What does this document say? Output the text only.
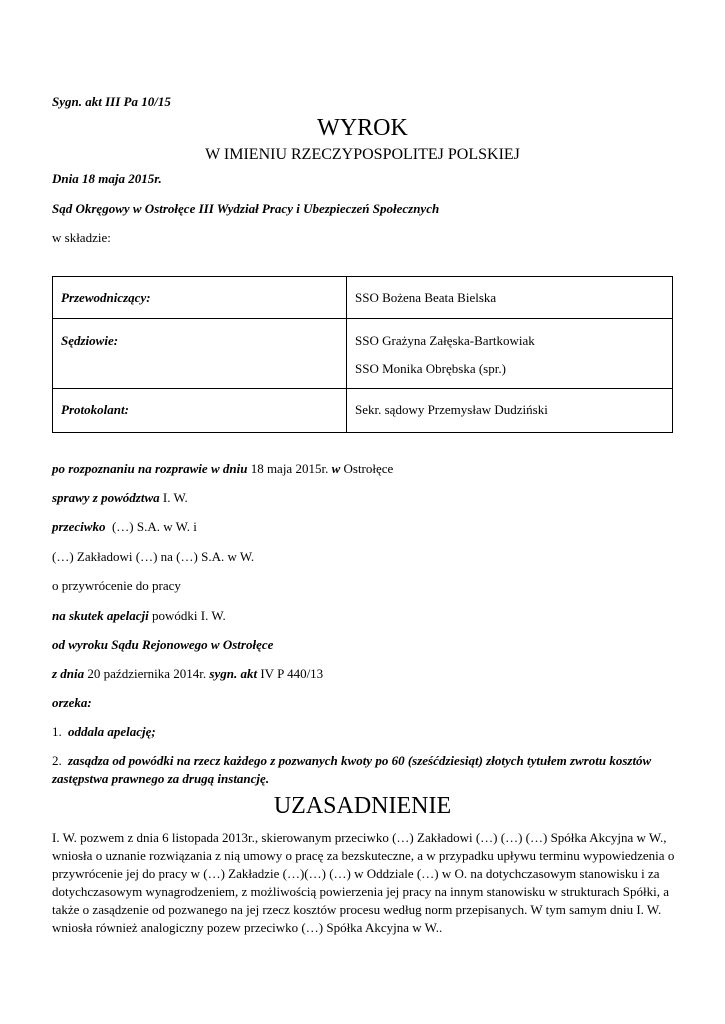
Sygn. akt III Pa 10/15
WYROK
W IMIENIU RZECZYPOSPOLITEJ POLSKIEJ
Dnia 18 maja 2015r.
Sąd Okręgowy w Ostrołęce III Wydział Pracy i Ubezpieczeń Społecznych
w składzie:
Przewodniczący:	SSO Bożena Beata Bielska

Sędziowie:	SSO Grażyna Załęska-Bartkowiak
SSO Monika Obrębska (spr.)

Protokolant:	Sekr. sądowy Przemysław Dudziński
po rozpoznaniu na rozprawie w dniu 18 maja 2015r. w Ostrołęce
sprawy z powództwa I. W.
przeciwko (…) S.A. w W. i
(…) Zakładowi (…) na (…) S.A. w W.
o przywrócenie do pracy
na skutek apelacji powódki I. W.
od wyroku Sądu Rejonowego w Ostrołęce
z dnia 20 października 2014r. sygn. akt IV P 440/13
orzeka:
1. oddala apelację;
2. zasądza od powódki na rzecz każdego z pozwanych kwoty po 60 (sześćdziesiąt) złotych tytułem zwrotu kosztów zastępstwa prawnego za drugą instancję.
UZASADNIENIE
I. W. pozwem z dnia 6 listopada 2013r., skierowanym przeciwko (…) Zakładowi (…) (…) (…) Spółka Akcyjna w W., wniosła o uznanie rozwiązania z nią umowy o pracę za bezskuteczne, a w przypadku upływu terminu wypowiedzenia o przywrócenie jej do pracy w (…) Zakładzie (…)(…) (…) w Oddziale (…) w O. na dotychczasowym stanowisku i za dotychczasowym wynagrodzeniem, z możliwością powierzenia jej pracy na innym stanowisku w strukturach Spółki, a także o zasądzenie od pozwanego na jej rzecz kosztów procesu według norm przepisanych. W tym samym dniu I. W. wniosła również analogiczny pozew przeciwko (…) Spółka Akcyjna w W..
